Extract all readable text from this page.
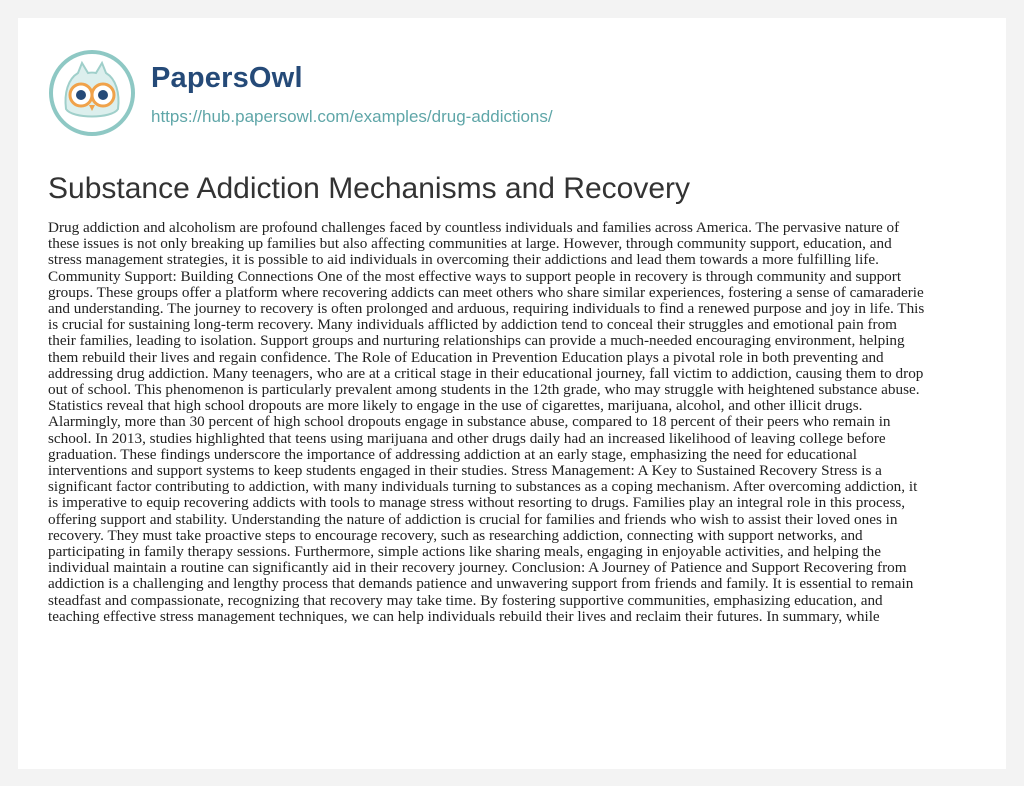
PapersOwl
https://hub.papersowl.com/examples/drug-addictions/
Substance Addiction Mechanisms and Recovery
Drug addiction and alcoholism are profound challenges faced by countless individuals and families across America. The pervasive nature of
these issues is not only breaking up families but also affecting communities at large. However, through community support, education, and
stress management strategies, it is possible to aid individuals in overcoming their addictions and lead them towards a more fulfilling life.
Community Support: Building Connections One of the most effective ways to support people in recovery is through community and support
groups. These groups offer a platform where recovering addicts can meet others who share similar experiences, fostering a sense of camaraderie
and understanding. The journey to recovery is often prolonged and arduous, requiring individuals to find a renewed purpose and joy in life. This
is crucial for sustaining long-term recovery. Many individuals afflicted by addiction tend to conceal their struggles and emotional pain from
their families, leading to isolation. Support groups and nurturing relationships can provide a much-needed encouraging environment, helping
them rebuild their lives and regain confidence. The Role of Education in Prevention Education plays a pivotal role in both preventing and
addressing drug addiction. Many teenagers, who are at a critical stage in their educational journey, fall victim to addiction, causing them to drop
out of school. This phenomenon is particularly prevalent among students in the 12th grade, who may struggle with heightened substance abuse.
Statistics reveal that high school dropouts are more likely to engage in the use of cigarettes, marijuana, alcohol, and other illicit drugs.
Alarmingly, more than 30 percent of high school dropouts engage in substance abuse, compared to 18 percent of their peers who remain in
school. In 2013, studies highlighted that teens using marijuana and other drugs daily had an increased likelihood of leaving college before
graduation. These findings underscore the importance of addressing addiction at an early stage, emphasizing the need for educational
interventions and support systems to keep students engaged in their studies. Stress Management: A Key to Sustained Recovery Stress is a
significant factor contributing to addiction, with many individuals turning to substances as a coping mechanism. After overcoming addiction, it
is imperative to equip recovering addicts with tools to manage stress without resorting to drugs. Families play an integral role in this process,
offering support and stability. Understanding the nature of addiction is crucial for families and friends who wish to assist their loved ones in
recovery. They must take proactive steps to encourage recovery, such as researching addiction, connecting with support networks, and
participating in family therapy sessions. Furthermore, simple actions like sharing meals, engaging in enjoyable activities, and helping the
individual maintain a routine can significantly aid in their recovery journey. Conclusion: A Journey of Patience and Support Recovering from
addiction is a challenging and lengthy process that demands patience and unwavering support from friends and family. It is essential to remain
steadfast and compassionate, recognizing that recovery may take time. By fostering supportive communities, emphasizing education, and
teaching effective stress management techniques, we can help individuals rebuild their lives and reclaim their futures. In summary, while
